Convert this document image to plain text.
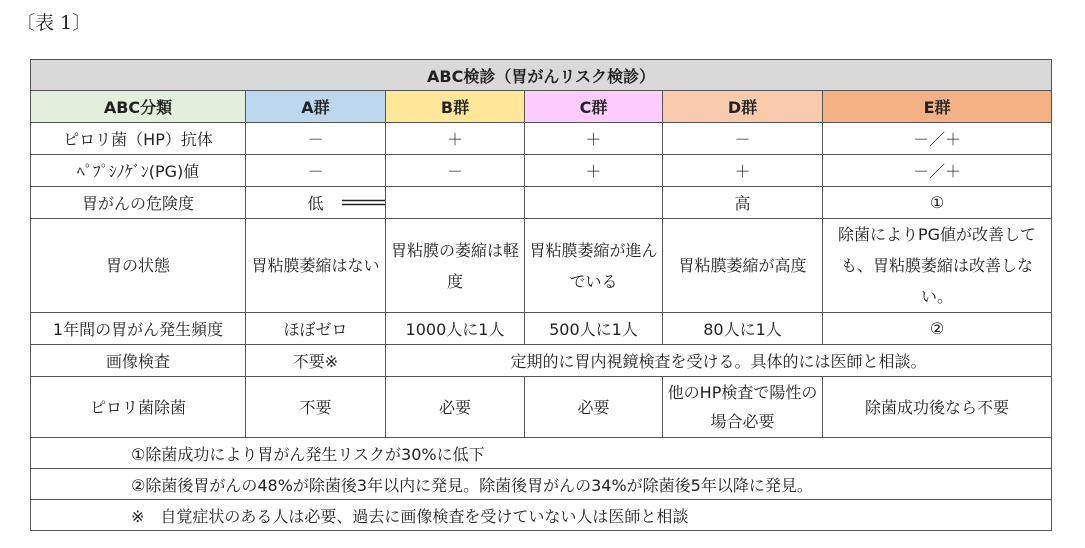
〔表 1〕
ABC検診（胃がんリスク検診）					
ABC分類	A群	B群	C群	D群	E群
ピロリ菌（HP）抗体	－	＋	＋	－	－／＋
ﾍﾟﾌﾟｼﾉｹﾞﾝ(PG)値	－	－	＋	＋	－／＋
胃がんの危険度	低			高	①
胃の状態	胃粘膜萎縮はない	胃粘膜の萎縮は軽度	胃粘膜萎縮が進んでいる	胃粘膜萎縮が高度	除菌によりPG値が改善しても、胃粘膜萎縮は改善しない。
1年間の胃がん発生頻度	ほぼゼロ	1000人に1人	500人に1人	80人に1人	②
画像検査	不要※	定期的に胃内視鏡検査を受ける。具体的には医師と相談。			
ピロリ菌除菌	不要	必要	必要	他のHP検査で陽性の場合必要	除菌成功後なら不要
①除菌成功により胃がん発生リスクが30%に低下					
②除菌後胃がんの48%が除菌後3年以内に発見。除菌後胃がんの34%が除菌後5年以降に発見。					
※　自覚症状のある人は必要、過去に画像検査を受けていない人は医師と相談					
